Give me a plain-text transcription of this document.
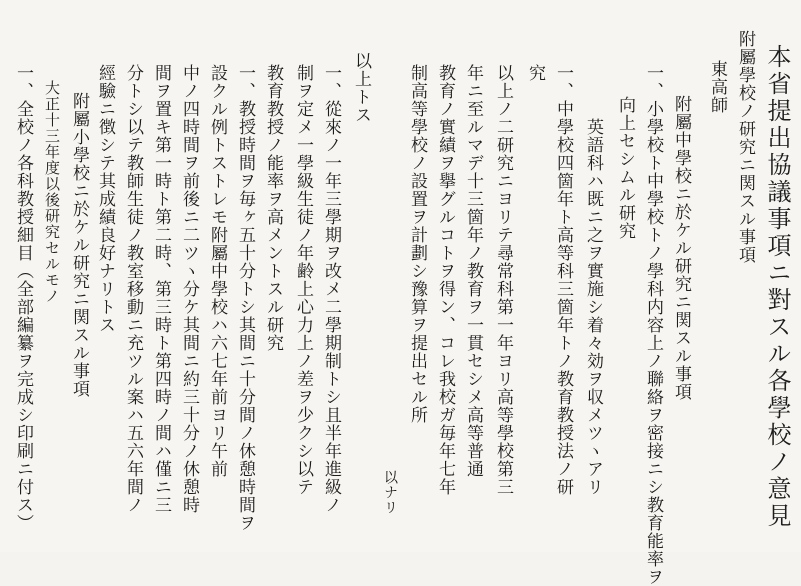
本省提出協議事項ニ對スル各學校ノ意見
附屬學校ノ研究ニ関スル事項
東高師
附屬中學校ニ於ケル研究ニ関スル事項
一、小學校ト中學校トノ學科内容上ノ聯絡ヲ密接ニシ教育能率ヲ
向上セシムル研究
英語科ハ既ニ之ヲ實施シ着々効ヲ収メツヽアリ
一、中學校四箇年ト高等科三箇年トノ教育教授法ノ研
究
以上ノ二研究ニヨリテ尋常科第一年ヨリ高等學校第三
年ニ至ルマデ十三箇年ノ教育ヲ一貫セシメ高等普通
教育ノ實績ヲ擧グルコトヲ得ン、コレ我校ガ毎年七年
制高等學校ノ設置ヲ計劃シ豫算ヲ提出セル所
以ナリ
以上トス
一、從來ノ一年三學期ヲ改メ二學期制トシ且半年進級ノ
制ヲ定メ一學級生徒ノ年齢上心力上ノ差ヲ少クシ以テ
教育教授ノ能率ヲ高メントスル研究
一、教授時間ヲ毎ヶ五十分トシ其間ニ十分間ノ休憩時間ヲ
設クル例トストレモ附屬中學校ハ六七年前ヨリ午前
中ノ四時間ヲ前後ニ二ツヽ分ケ其間ニ約三十分ノ休憩時
間ヲ置キ第一時ト第二時、第三時ト第四時ノ間ハ僅ニ三
分トシ以テ教師生徒ノ教室移動ニ充ツル案ハ五六年間ノ
經驗ニ徴シテ其成績良好ナリトス
附屬小學校ニ於ケル研究ニ関スル事項
大正十三年度以後研究セルモノ
一、全校ノ各科教授細目（全部編纂ヲ完成シ印刷ニ付ス）
